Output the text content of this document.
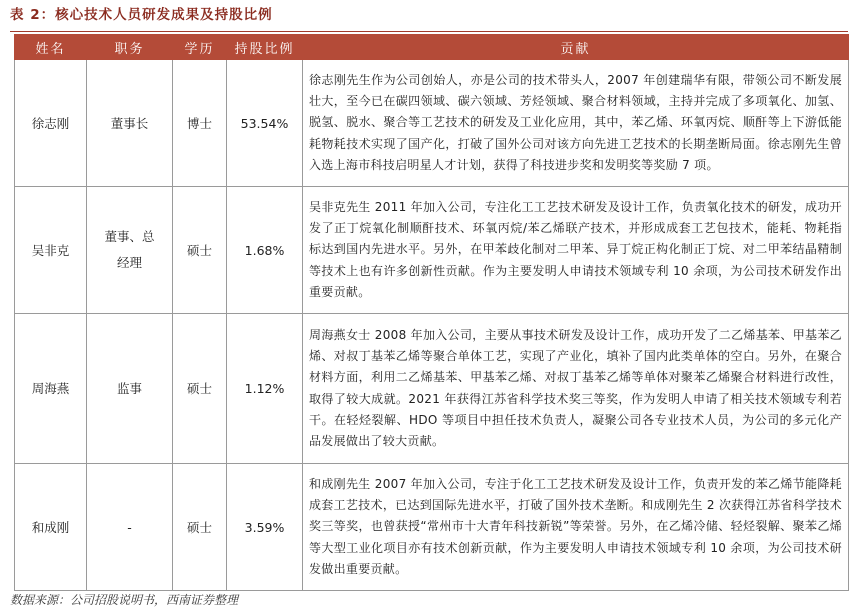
表 2：核心技术人员研发成果及持股比例
姓名	职务	学历	持股比例	贡献
徐志刚	董事长	博士	53.54%	徐志刚先生作为公司创始人，亦是公司的技术带头人，2007 年创建瑞华有限，带领公司不断发展壮大，至今已在碳四领域、碳六领域、芳烃领域、聚合材料领域，主持并完成了多项氧化、加氢、脱氢、脱水、聚合等工艺技术的研发及工业化应用，其中，苯乙烯、环氧丙烷、顺酐等上下游低能耗物耗技术实现了国产化，打破了国外公司对该方向先进工艺技术的长期垄断局面。徐志刚先生曾入选上海市科技启明星人才计划，获得了科技进步奖和发明奖等奖励 7 项。
吴非克	董事、总经理	硕士	1.68%	吴非克先生 2011 年加入公司，专注化工工艺技术研发及设计工作，负责氧化技术的研发，成功开发了正丁烷氧化制顺酐技术、环氧丙烷/苯乙烯联产技术，并形成成套工艺包技术，能耗、物耗指标达到国内先进水平。另外，在甲苯歧化制对二甲苯、异丁烷正构化制正丁烷、对二甲苯结晶精制等技术上也有许多创新性贡献。作为主要发明人申请技术领域专利 10 余项，为公司技术研发作出重要贡献。
周海燕	监事	硕士	1.12%	周海燕女士 2008 年加入公司，主要从事技术研发及设计工作，成功开发了二乙烯基苯、甲基苯乙烯、对叔丁基苯乙烯等聚合单体工艺，实现了产业化，填补了国内此类单体的空白。另外，在聚合材料方面，利用二乙烯基苯、甲基苯乙烯、对叔丁基苯乙烯等单体对聚苯乙烯聚合材料进行改性，取得了较大成就。2021 年获得江苏省科学技术奖三等奖，作为发明人申请了相关技术领域专利若干。在轻烃裂解、HDO 等项目中担任技术负责人，凝聚公司各专业技术人员，为公司的多元化产品发展做出了较大贡献。
和成刚	-	硕士	3.59%	和成刚先生 2007 年加入公司，专注于化工工艺技术研发及设计工作，负责开发的苯乙烯节能降耗成套工艺技术，已达到国际先进水平，打破了国外技术垄断。和成刚先生 2 次获得江苏省科学技术奖三等奖，也曾获授“常州市十大青年科技新锐”等荣誉。另外，在乙烯冷储、轻烃裂解、聚苯乙烯等大型工业化项目亦有技术创新贡献，作为主要发明人申请技术领域专利 10 余项，为公司技术研发做出重要贡献。
数据来源：公司招股说明书，西南证券整理
